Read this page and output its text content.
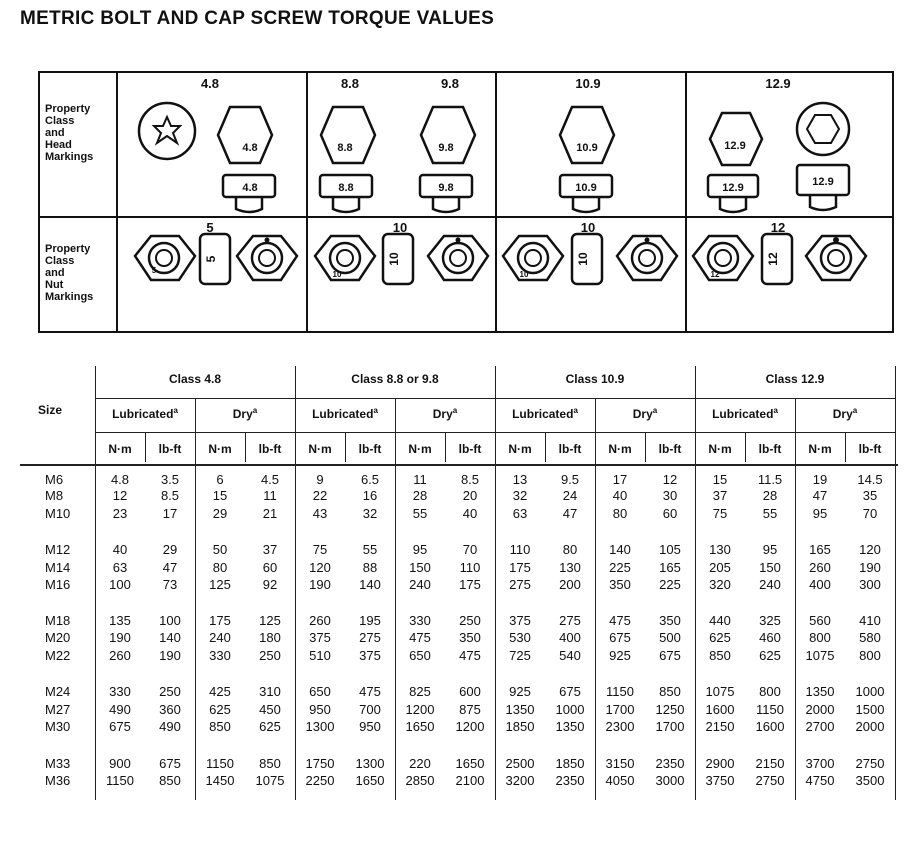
METRIC BOLT AND CAP SCREW TORQUE VALUES
Property
Class
and
Head
Markings
Property
Class
and
Nut
Markings
4.8	8.8	9.8	10.9	12.9
5	10	10	12
4.8
4.8
8.8
8.8
9.8
9.8
10.9
10.9
12.9
12.9	12.9
5
5
10
10
10
10
12
12
Size
Class 4.8	Class 8.8 or 9.8	Class 10.9	Class 12.9
Lubricated$^a$	Dry$^a$	Lubricated$^a$	Dry$^a$	Lubricated$^a$	Dry$^a$	Lubricated$^a$	Dry$^a$
N·m	lb-ft	N·m	lb-ft	N·m	lb-ft	N·m	lb-ft	N·m	lb-ft	N·m	lb-ft	N·m	lb-ft	N·m	lb-ft
M6	4.8	3.5	6	4.5	9	6.5	11	8.5	13	9.5	17	12	15	11.5	19	14.5
M8	12	8.5	15	11	22	16	28	20	32	24	40	30	37	28	47	35
M10	23	17	29	21	43	32	55	40	63	47	80	60	75	55	95	70
M12	40	29	50	37	75	55	95	70	110	80	140	105	130	95	165	120
M14	63	47	80	60	120	88	150	110	175	130	225	165	205	150	260	190
M16	100	73	125	92	190	140	240	175	275	200	350	225	320	240	400	300
M18	135	100	175	125	260	195	330	250	375	275	475	350	440	325	560	410
M20	190	140	240	180	375	275	475	350	530	400	675	500	625	460	800	580
M22	260	190	330	250	510	375	650	475	725	540	925	675	850	625	1075	800
M24	330	250	425	310	650	475	825	600	925	675	1150	850	1075	800	1350	1000
M27	490	360	625	450	950	700	1200	875	1350	1000	1700	1250	1600	1150	2000	1500
M30	675	490	850	625	1300	950	1650	1200	1850	1350	2300	1700	2150	1600	2700	2000
M33	900	675	1150	850	1750	1300	220	1650	2500	1850	3150	2350	2900	2150	3700	2750
M36	1150	850	1450	1075	2250	1650	2850	2100	3200	2350	4050	3000	3750	2750	4750	3500
